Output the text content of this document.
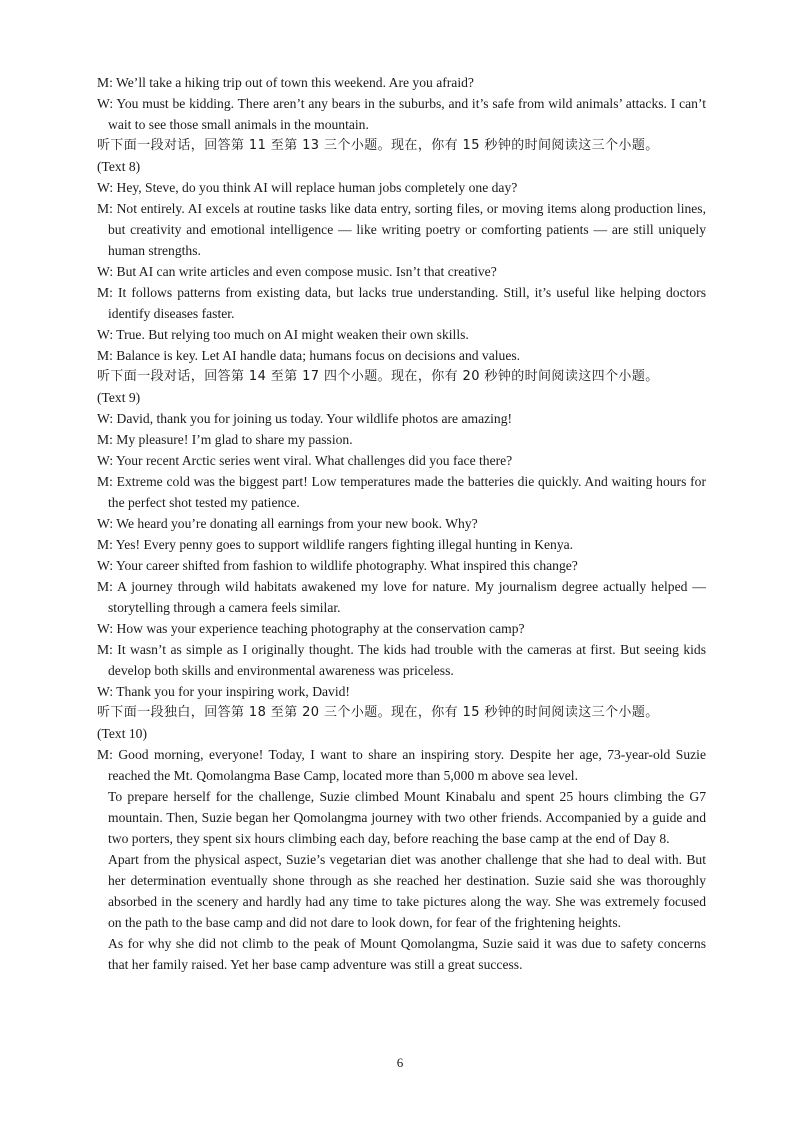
M: We’ll take a hiking trip out of town this weekend. Are you afraid?

W: You must be kidding. There aren’t any bears in the suburbs, and it’s safe from wild animals’ attacks. I can’t wait to see those small animals in the mountain.

听下面一段对话，回答第 11 至第 13 三个小题。现在，你有 15 秒钟的时间阅读这三个小题。

(Text 8)

W: Hey, Steve, do you think AI will replace human jobs completely one day?

M: Not entirely. AI excels at routine tasks like data entry, sorting files, or moving items along production lines, but creativity and emotional intelligence — like writing poetry or comforting patients — are still uniquely human strengths.

W: But AI can write articles and even compose music. Isn’t that creative?

M: It follows patterns from existing data, but lacks true understanding. Still, it’s useful like helping doctors identify diseases faster.

W: True. But relying too much on AI might weaken their own skills.

M: Balance is key. Let AI handle data; humans focus on decisions and values.

听下面一段对话，回答第 14 至第 17 四个小题。现在，你有 20 秒钟的时间阅读这四个小题。

(Text 9)

W: David, thank you for joining us today. Your wildlife photos are amazing!

M: My pleasure! I’m glad to share my passion.

W: Your recent Arctic series went viral. What challenges did you face there?

M: Extreme cold was the biggest part! Low temperatures made the batteries die quickly. And waiting hours for the perfect shot tested my patience.

W: We heard you’re donating all earnings from your new book. Why?

M: Yes! Every penny goes to support wildlife rangers fighting illegal hunting in Kenya.

W: Your career shifted from fashion to wildlife photography. What inspired this change?

M: A journey through wild habitats awakened my love for nature. My journalism degree actually helped — storytelling through a camera feels similar.

W: How was your experience teaching photography at the conservation camp?

M: It wasn’t as simple as I originally thought. The kids had trouble with the cameras at first. But seeing kids develop both skills and environmental awareness was priceless.

W: Thank you for your inspiring work, David!

听下面一段独白，回答第 18 至第 20 三个小题。现在，你有 15 秒钟的时间阅读这三个小题。

(Text 10)

M: Good morning, everyone! Today, I want to share an inspiring story. Despite her age, 73-year-old Suzie reached the Mt. Qomolangma Base Camp, located more than 5,000 m above sea level.

To prepare herself for the challenge, Suzie climbed Mount Kinabalu and spent 25 hours climbing the G7 mountain. Then, Suzie began her Qomolangma journey with two other friends. Accompanied by a guide and two porters, they spent six hours climbing each day, before reaching the base camp at the end of Day 8.

Apart from the physical aspect, Suzie’s vegetarian diet was another challenge that she had to deal with. But her determination eventually shone through as she reached her destination. Suzie said she was thoroughly absorbed in the scenery and hardly had any time to take pictures along the way. She was extremely focused on the path to the base camp and did not dare to look down, for fear of the frightening heights.

As for why she did not climb to the peak of Mount Qomolangma, Suzie said it was due to safety concerns that her family raised. Yet her base camp adventure was still a great success.

6
